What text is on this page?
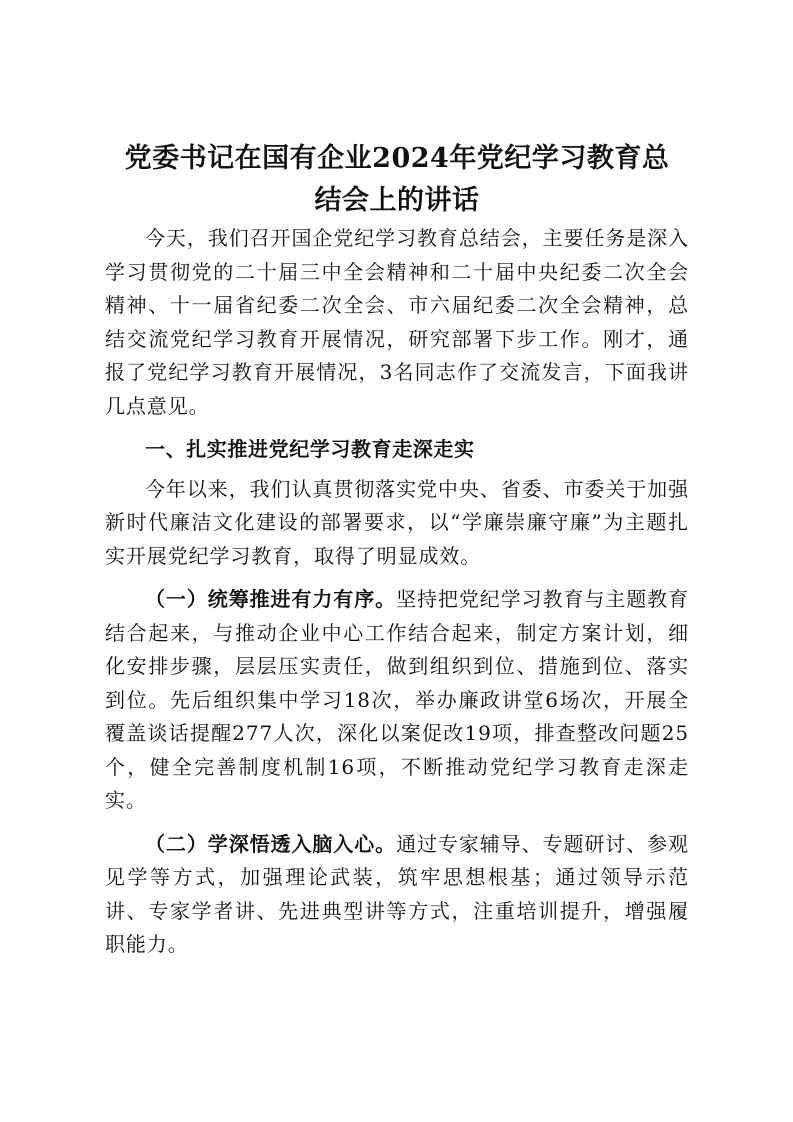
党委书记在国有企业2024年党纪学习教育总
结会上的讲话

今天，我们召开国企党纪学习教育总结会，主要任务是深入学习贯彻党的二十届三中全会精神和二十届中央纪委二次全会精神、十一届省纪委二次全会、市六届纪委二次全会精神，总结交流党纪学习教育开展情况，研究部署下步工作。刚才，通报了党纪学习教育开展情况，3名同志作了交流发言，下面我讲几点意见。

一、扎实推进党纪学习教育走深走实

今年以来，我们认真贯彻落实党中央、省委、市委关于加强新时代廉洁文化建设的部署要求，以“学廉崇廉守廉”为主题扎实开展党纪学习教育，取得了明显成效。

（一）统筹推进有力有序。坚持把党纪学习教育与主题教育结合起来，与推动企业中心工作结合起来，制定方案计划，细化安排步骤，层层压实责任，做到组织到位、措施到位、落实到位。先后组织集中学习18次，举办廉政讲堂6场次，开展全覆盖谈话提醒277人次，深化以案促改19项，排查整改问题25个，健全完善制度机制16项，不断推动党纪学习教育走深走实。

（二）学深悟透入脑入心。通过专家辅导、专题研讨、参观见学等方式，加强理论武装，筑牢思想根基；通过领导示范讲、专家学者讲、先进典型讲等方式，注重培训提升，增强履职能力。
